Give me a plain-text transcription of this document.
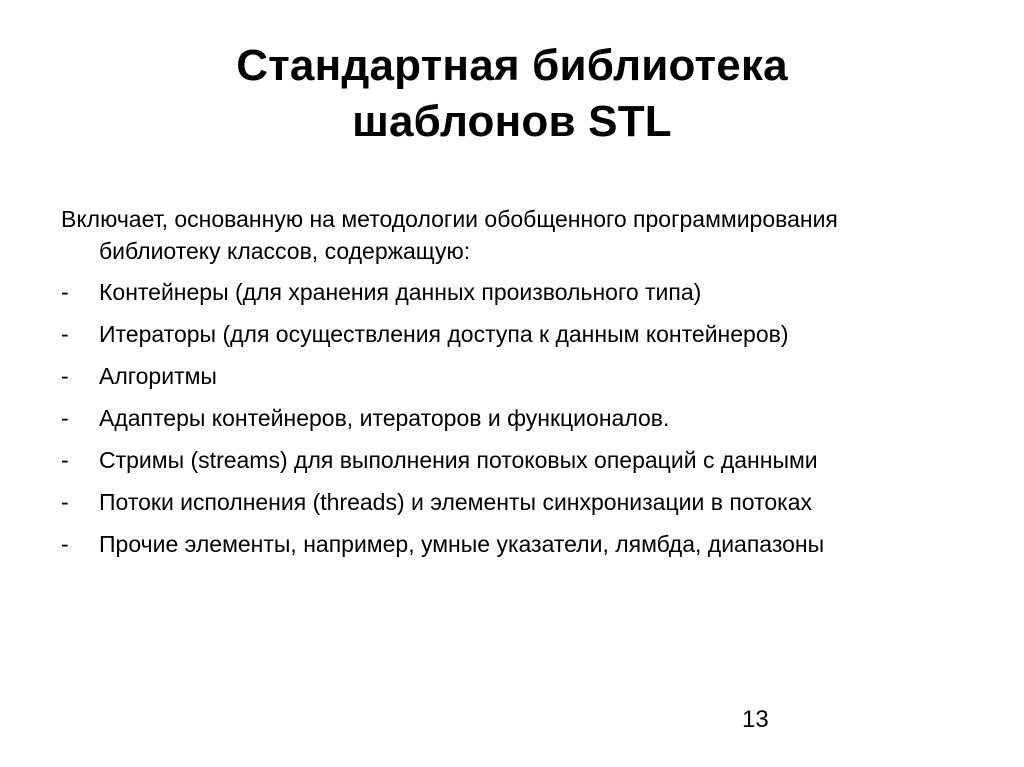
Стандартная библиотека
шаблонов STL
Включает, основанную на методологии обобщенного программирования
библиотеку классов, содержащую:
-	Контейнеры (для хранения данных произвольного типа)
-	Итераторы (для осуществления доступа к данным контейнеров)
-	Алгоритмы
-	Адаптеры контейнеров, итераторов и функционалов.
-	Стримы (streams) для выполнения потоковых операций с данными
-	Потоки исполнения (threads) и элементы синхронизации в потоках
-	Прочие элементы, например, умные указатели, лямбда, диапазоны
13
